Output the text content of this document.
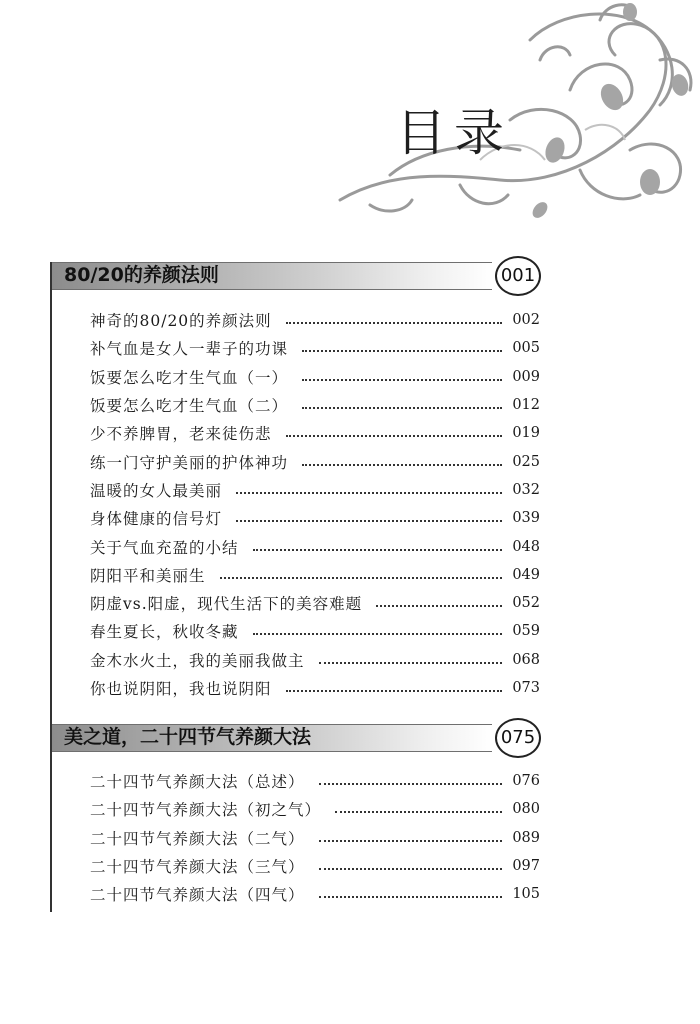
目录
80/20的养颜法则	001
神奇的80/20的养颜法则	002
补气血是女人一辈子的功课	005
饭要怎么吃才生气血（一）	009
饭要怎么吃才生气血（二）	012
少不养脾胃，老来徒伤悲	019
练一门守护美丽的护体神功	025
温暖的女人最美丽	032
身体健康的信号灯	039
关于气血充盈的小结	048
阴阳平和美丽生	049
阴虚vs.阳虚，现代生活下的美容难题	052
春生夏长，秋收冬藏	059
金木水火土，我的美丽我做主	068
你也说阴阳，我也说阴阳	073
美之道，二十四节气养颜大法	075
二十四节气养颜大法（总述）	076
二十四节气养颜大法（初之气）	080
二十四节气养颜大法（二气）	089
二十四节气养颜大法（三气）	097
二十四节气养颜大法（四气）	105
